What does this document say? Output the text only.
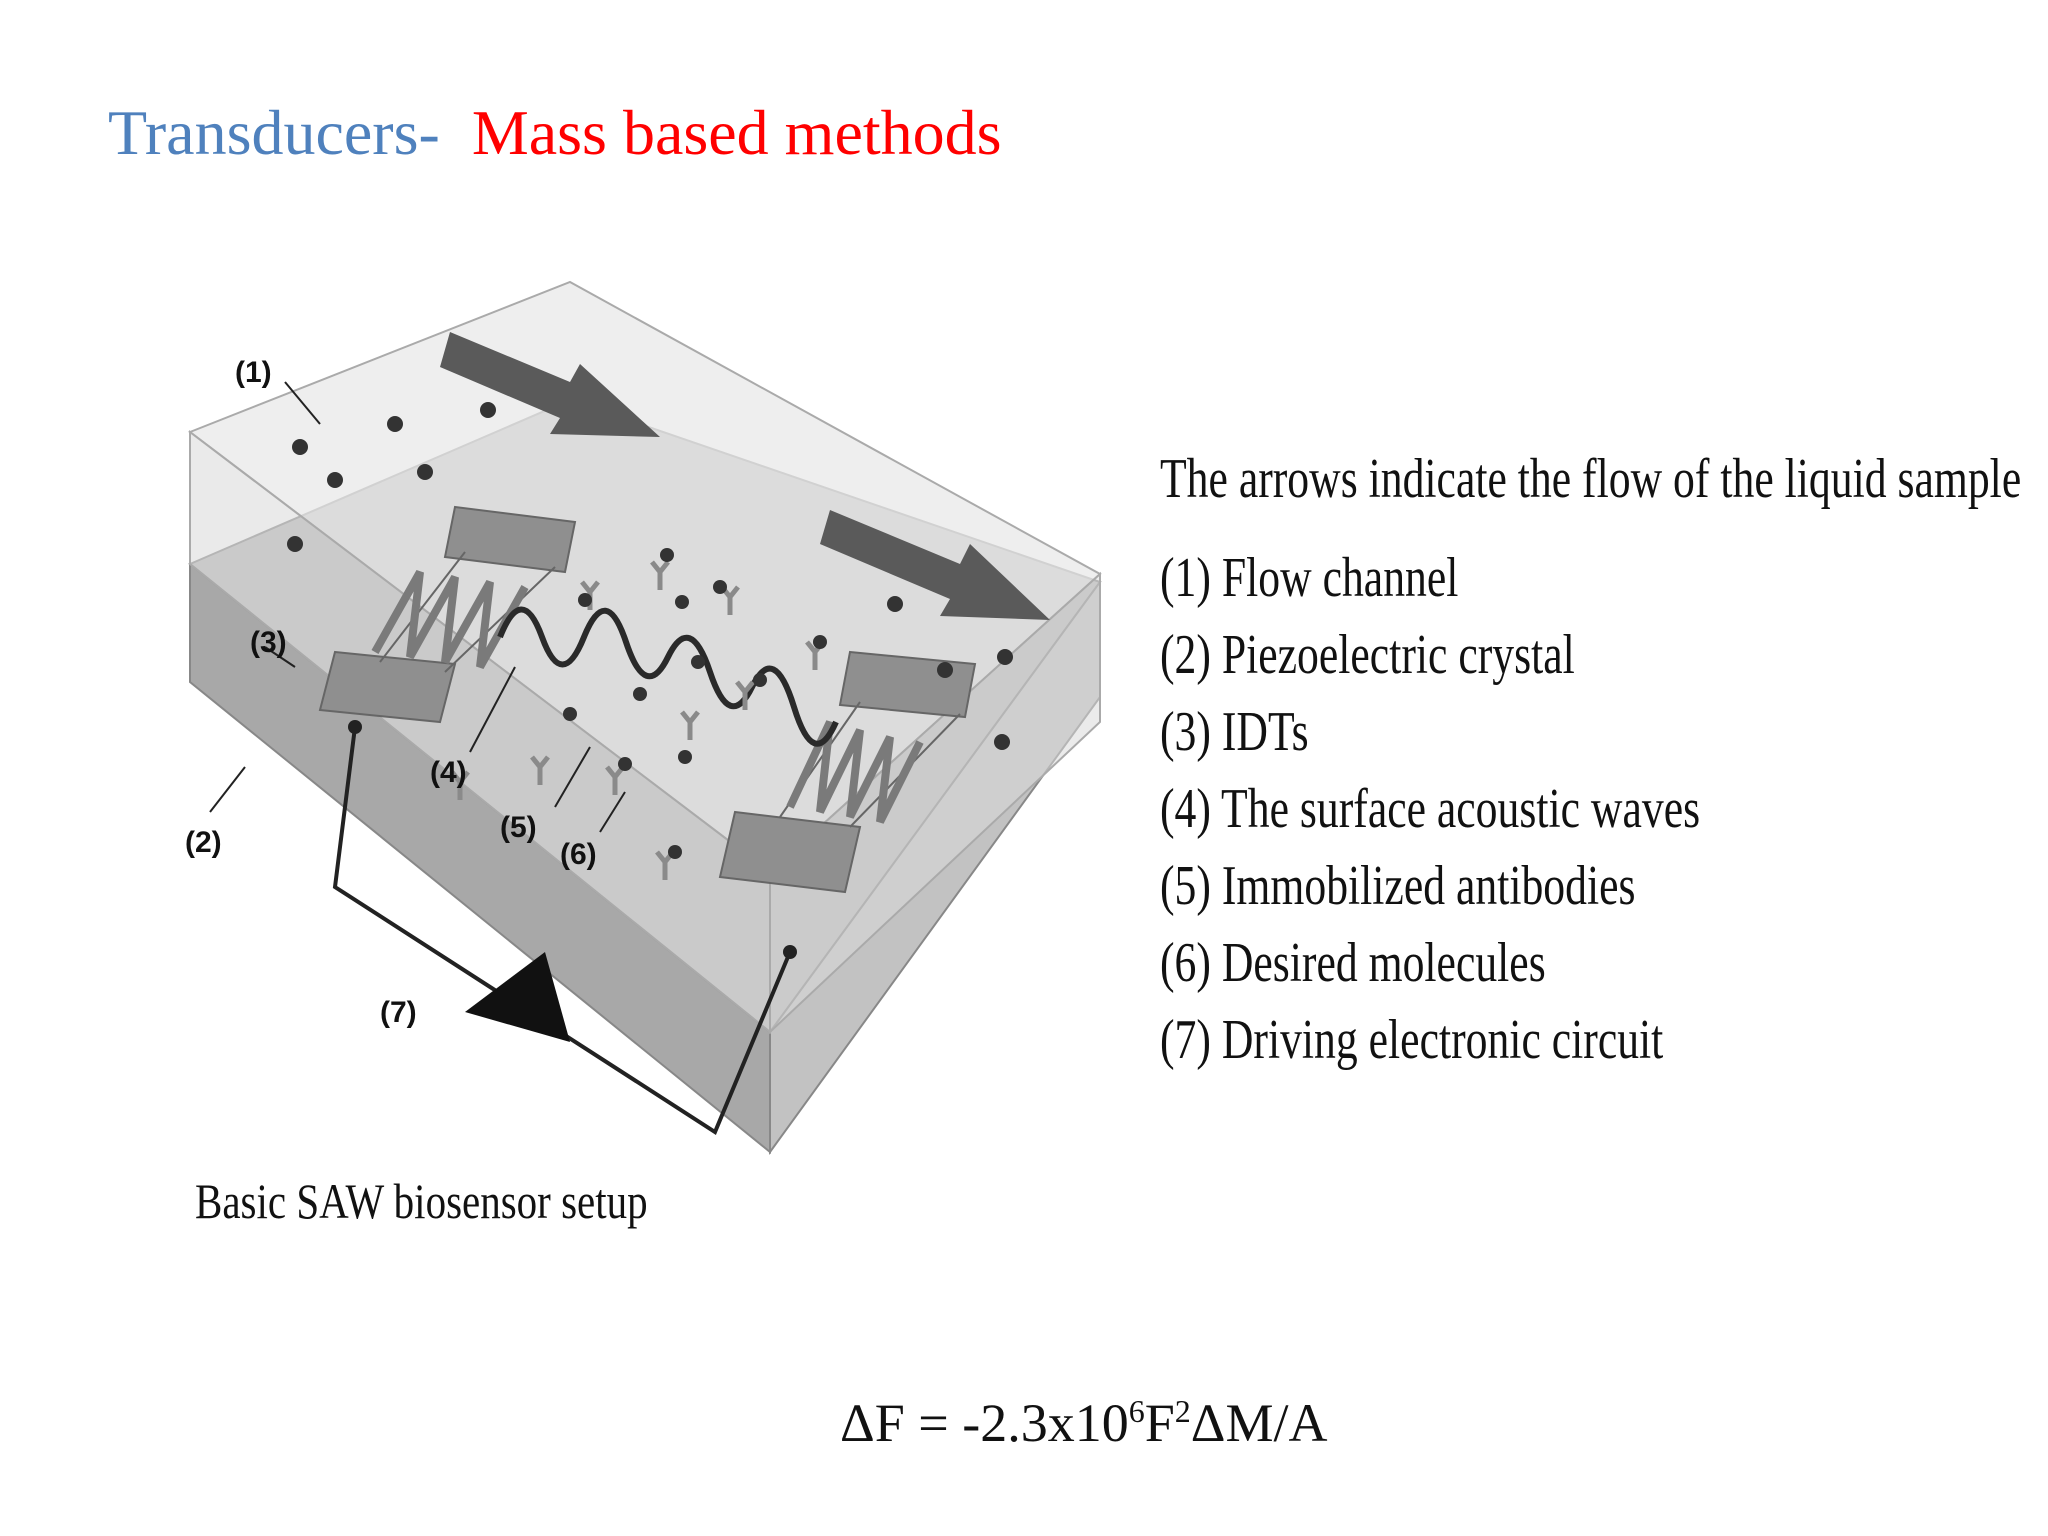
Transducers- Mass based methods
(1)
(2)
(3)
(4)
(5)
(6)
(7)
Basic SAW biosensor setup
The arrows indicate the flow of the liquid sample
(1) Flow channel
(2) Piezoelectric crystal
(3) IDTs
(4) The surface acoustic waves
(5) Immobilized antibodies
(6) Desired molecules
(7) Driving electronic circuit
$\Delta F = -2.3x10^6F^2\Delta M/A$
